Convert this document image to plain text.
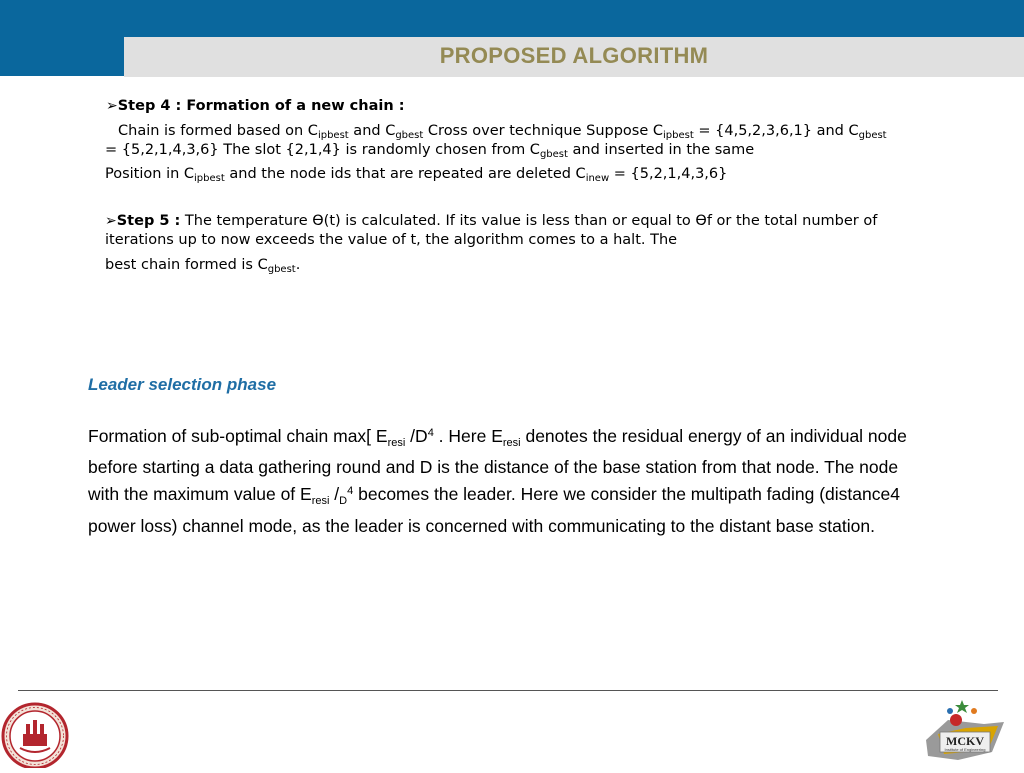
PROPOSED ALGORITHM
➢Step 4 : Formation of a new chain :
Chain is formed based on $C_{ipbest}$ and $C_{gbest}$ Cross over technique Suppose $C_{ipbest} = \{4,5,2,3,6,1\}$ and $C_{gbest}$
= {5,2,1,4,3,6} The slot {2,1,4} is randomly chosen from $C_{gbest}$ and inserted in the same
Position in $C_{ipbest}$ and the node ids that are repeated are deleted $C_{inew} = \{5,2,1,4,3,6\}$
➢Step 5 : The temperature Ɵ(t) is calculated. If its value is less than or equal to Ɵf or the total number of iterations up to now exceeds the value of t, the algorithm comes to a halt. The
best chain formed is $C_{gbest}$.
Leader selection phase
Formation of sub-optimal chain max[ $E_{resi}$ $/D^4$ . Here $E_{resi}$ denotes the residual energy of an individual node before starting a data gathering round and D is the distance of the base station from that node. The node with the maximum value of $E_{resi}$ $/_D^4$ becomes the leader. Here we consider the multipath fading (distance4 power loss) channel mode, as the leader is concerned with communicating to the distant base station.
MCKV
Institute of Engineering
